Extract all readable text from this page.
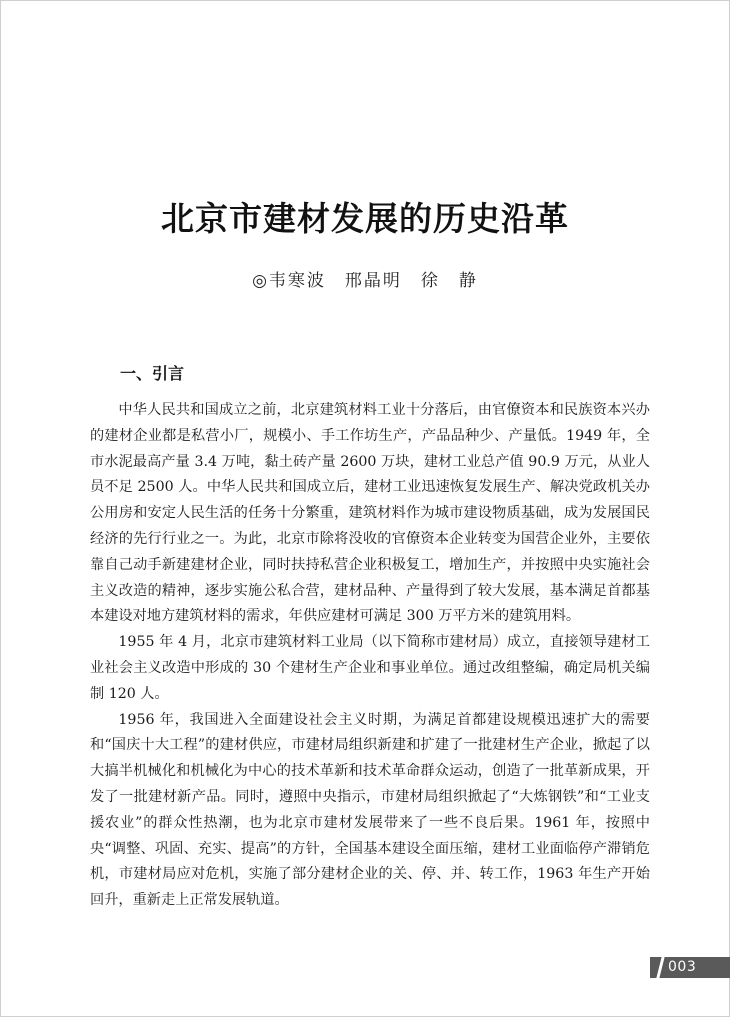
北京市建材发展的历史沿革
◎韦寒波　邢晶明　徐　静
一、引言

中华人民共和国成立之前，北京建筑材料工业十分落后，由官僚资本和民族资本兴办的建材企业都是私营小厂，规模小、手工作坊生产，产品品种少、产量低。1949 年，全市水泥最高产量 3.4 万吨，黏土砖产量 2600 万块，建材工业总产值 90.9 万元，从业人员不足 2500 人。中华人民共和国成立后，建材工业迅速恢复发展生产、解决党政机关办公用房和安定人民生活的任务十分繁重，建筑材料作为城市建设物质基础，成为发展国民经济的先行行业之一。为此，北京市除将没收的官僚资本企业转变为国营企业外，主要依靠自己动手新建建材企业，同时扶持私营企业积极复工，增加生产，并按照中央实施社会主义改造的精神，逐步实施公私合营，建材品种、产量得到了较大发展，基本满足首都基本建设对地方建筑材料的需求，年供应建材可满足 300 万平方米的建筑用料。

1955 年 4 月，北京市建筑材料工业局（以下简称市建材局）成立，直接领导建材工业社会主义改造中形成的 30 个建材生产企业和事业单位。通过改组整编，确定局机关编制 120 人。

1956 年，我国进入全面建设社会主义时期，为满足首都建设规模迅速扩大的需要和“国庆十大工程”的建材供应，市建材局组织新建和扩建了一批建材生产企业，掀起了以大搞半机械化和机械化为中心的技术革新和技术革命群众运动，创造了一批革新成果，开发了一批建材新产品。同时，遵照中央指示，市建材局组织掀起了“大炼钢铁”和“工业支援农业”的群众性热潮，也为北京市建材发展带来了一些不良后果。1961 年，按照中央“调整、巩固、充实、提高”的方针，全国基本建设全面压缩，建材工业面临停产滞销危机，市建材局应对危机，实施了部分建材企业的关、停、并、转工作，1963 年生产开始回升，重新走上正常发展轨道。

003
